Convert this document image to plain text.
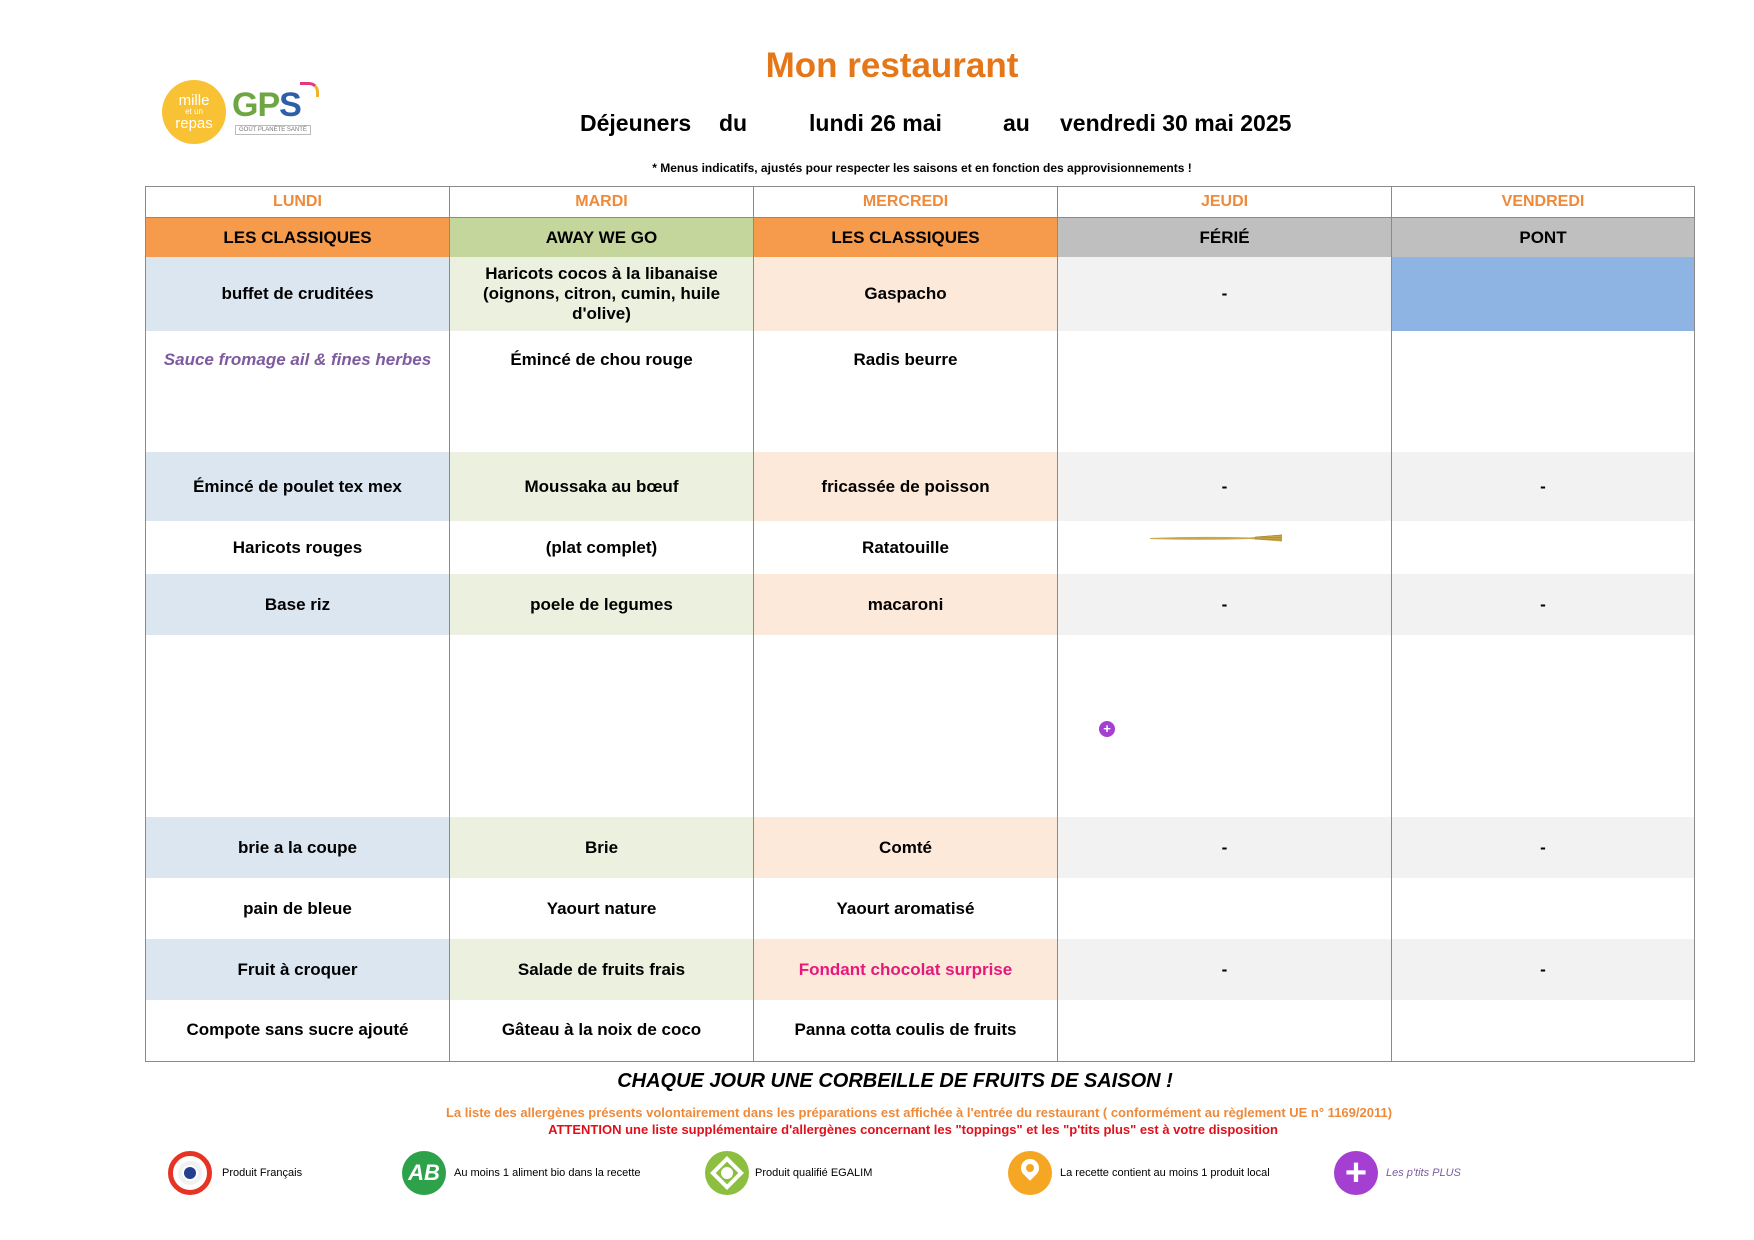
Mon restaurant
mille
et un
repas GPS
GOÛT PLANÈTE SANTÉ	Déjeuners du	lundi 26 mai	au vendredi 30 mai 2025
* Menus indicatifs, ajustés pour respecter les saisons et en fonction des approvisionnements !
LUNDI	MARDI	MERCREDI	JEUDI	VENDREDI
LES CLASSIQUES	AWAY WE GO	LES CLASSIQUES	FÉRIÉ	PONT
buffet de cruditées	Haricots cocos à la libanaise (oignons, citron, cumin, huile d'olive)	Gaspacho	-	
Sauce fromage ail & fines herbes	Émincé de chou rouge	Radis beurre		
Émincé de poulet tex mex	Moussaka au bœuf	fricassée de poisson	-	-
Haricots rouges	(plat complet)	Ratatouille		
Base riz	poele de legumes	macaroni	-	-

brie a la coupe	Brie	Comté	-	-
pain de bleue	Yaourt nature	Yaourt aromatisé		
Fruit à croquer	Salade de fruits frais	Fondant chocolat surprise	-	-
Compote sans sucre ajouté	Gâteau à la noix de coco	Panna cotta coulis de fruits		
+
CHAQUE JOUR UNE CORBEILLE DE FRUITS DE SAISON !
La liste des allergènes présents volontairement dans les préparations est affichée à l'entrée du restaurant ( conformément au règlement UE n° 1169/2011)
ATTENTION une liste supplémentaire d'allergènes concernant les "toppings" et les "p'tits plus" est à votre disposition
Produit Français	AB	Au moins 1 aliment bio dans la recette	Produit qualifié EGALIM	La recette contient au moins 1 produit local +	Les p'tits PLUS
